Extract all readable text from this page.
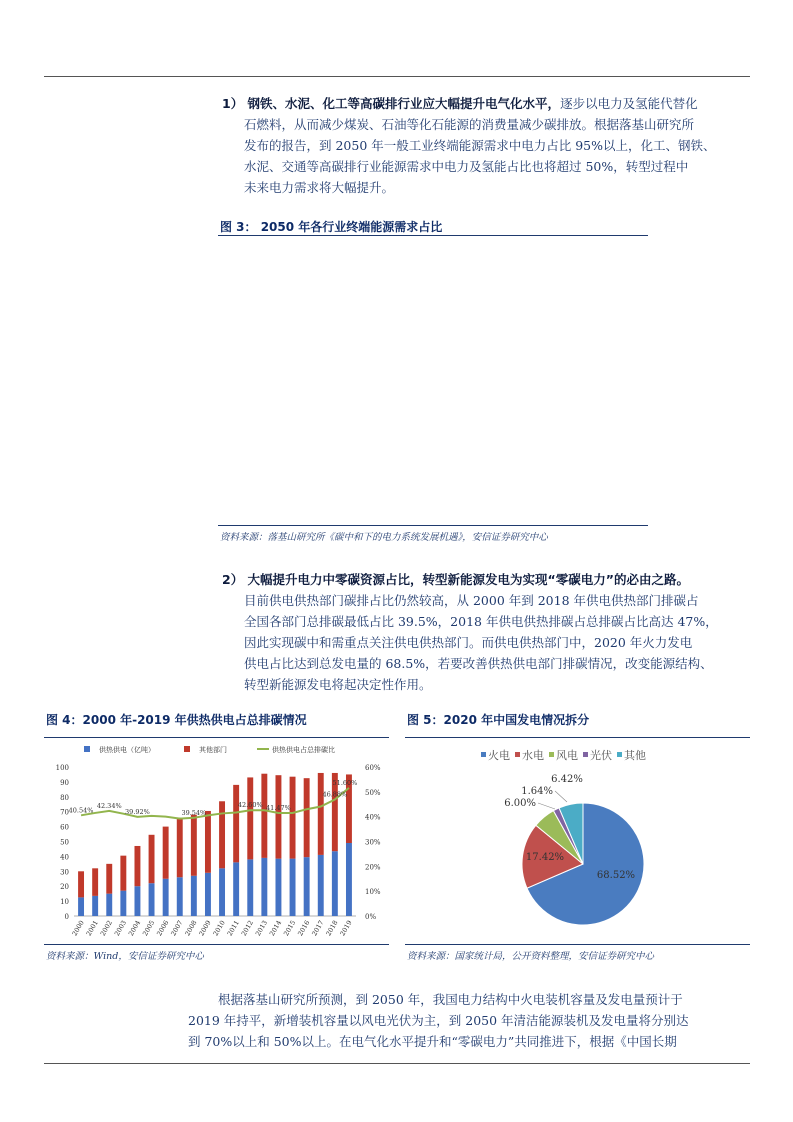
1） 钢铁、水泥、化工等高碳排行业应大幅提升电气化水平，逐步以电力及氢能代替化
石燃料，从而减少煤炭、石油等化石能源的消费量减少碳排放。根据落基山研究所
发布的报告，到 2050 年一般工业终端能源需求中电力占比 95%以上，化工、钢铁、
水泥、交通等高碳排行业能源需求中电力及氢能占比也将超过 50%，转型过程中
未来电力需求将大幅提升。
图 3： 2050 年各行业终端能源需求占比
资料来源：落基山研究所《碳中和下的电力系统发展机遇》，安信证券研究中心
2） 大幅提升电力中零碳资源占比，转型新能源发电为实现“零碳电力”的必由之路。
目前供电供热部门碳排占比仍然较高，从 2000 年到 2018 年供电供热部门排碳占
全国各部门总排碳最低占比 39.5%，2018 年供电供热排碳占总排碳占比高达 47%，
因此实现碳中和需重点关注供电供热部门。而供电供热部门中，2020 年火力发电
供电占比达到总发电量的 68.5%，若要改善供热供电部门排碳情况，改变能源结构、
转型新能源发电将起决定性作用。
图 4：2000 年-2019 年供热供电占总排碳情况
供热供电（亿吨）	其他部门	供热供电占总排碳比
0
10
20
30
40
50
60
70
80
90
100
0%
10%
20%
30%
40%
50%
60%
2000
2001
2002
2003
2004
2005
2006
2007
2008
2009
2010
2011
2012
2013
2014
2015
2016
2017
2018
2019
40.54%
42.34%
39.92%	39.54%
42.60% 41.47%
46.88%
51.60%
资料来源：Wind，安信证券研究中心
图 5：2020 年中国发电情况拆分
火电 水电 风电 光伏 其他
68.52%
17.42%
6.00%
1.64%
6.42%
资料来源：国家统计局，公开资料整理，安信证券研究中心
根据落基山研究所预测，到 2050 年，我国电力结构中火电装机容量及发电量预计于
2019 年持平，新增装机容量以风电光伏为主，到 2050 年清洁能源装机及发电量将分别达
到 70%以上和 50%以上。在电气化水平提升和“零碳电力”共同推进下，根据《中国长期
